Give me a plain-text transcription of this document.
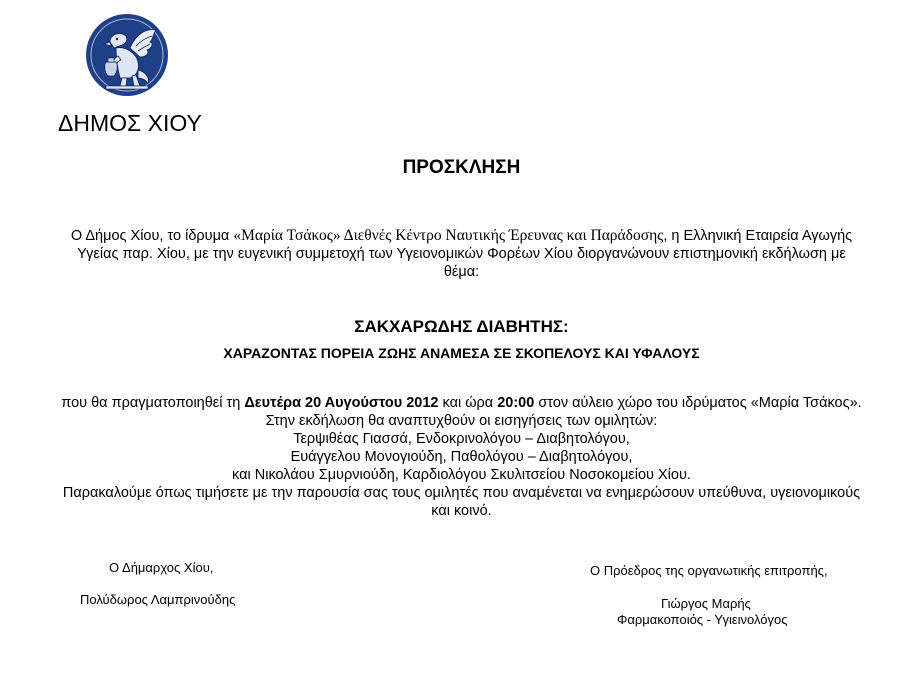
ΔΗΜΟΣ ΧΙΟΥ
ΠΡΟΣΚΛΗΣΗ
Ο Δήμος Χίου, το ίδρυμα «Μαρία Τσάκος» Διεθνές Κέντρο Ναυτικής Έρευνας και Παράδοσης, η Ελληνική Εταιρεία Αγωγής Υγείας παρ. Χίου, με την ευγενική συμμετοχή των Υγειονομικών Φορέων Χίου διοργανώνουν επιστημονική εκδήλωση με θέμα:
ΣΑΚΧΑΡΩΔΗΣ ΔΙΑΒΗΤΗΣ:
ΧΑΡΑΖΟΝΤΑΣ ΠΟΡΕΙΑ ΖΩΗΣ ΑΝΑΜΕΣΑ ΣΕ ΣΚΟΠΕΛΟΥΣ ΚΑΙ ΥΦΑΛΟΥΣ

που θα πραγματοποιηθεί τη Δευτέρα 20 Αυγούστου 2012 και ώρα 20:00 στον αύλειο χώρο του ιδρύματος «Μαρία Τσάκος». Στην εκδήλωση θα αναπτυχθούν οι εισηγήσεις των ομιλητών:

Τερψιθέας Γιασσά, Ενδοκρινολόγου – Διαβητολόγου,

Ευάγγελου Μονογιούδη, Παθολόγου – Διαβητολόγου,

και Νικολάου Σμυρνιούδη, Καρδιολόγου Σκυλιτσείου Νοσοκομείου Χίου.

Παρακαλούμε όπως τιμήσετε με την παρουσία σας τους ομιλητές που αναμένεται να ενημερώσουν υπεύθυνα, υγειονομικούς και κοινό.

Ο Δήμαρχος Χίου,
Πολύδωρος Λαμπρινούδης
Ο Πρόεδρος της οργανωτικής επιτροπής,
Γιώργος Μαρής
Φαρμακοποιός - Υγιεινολόγος
